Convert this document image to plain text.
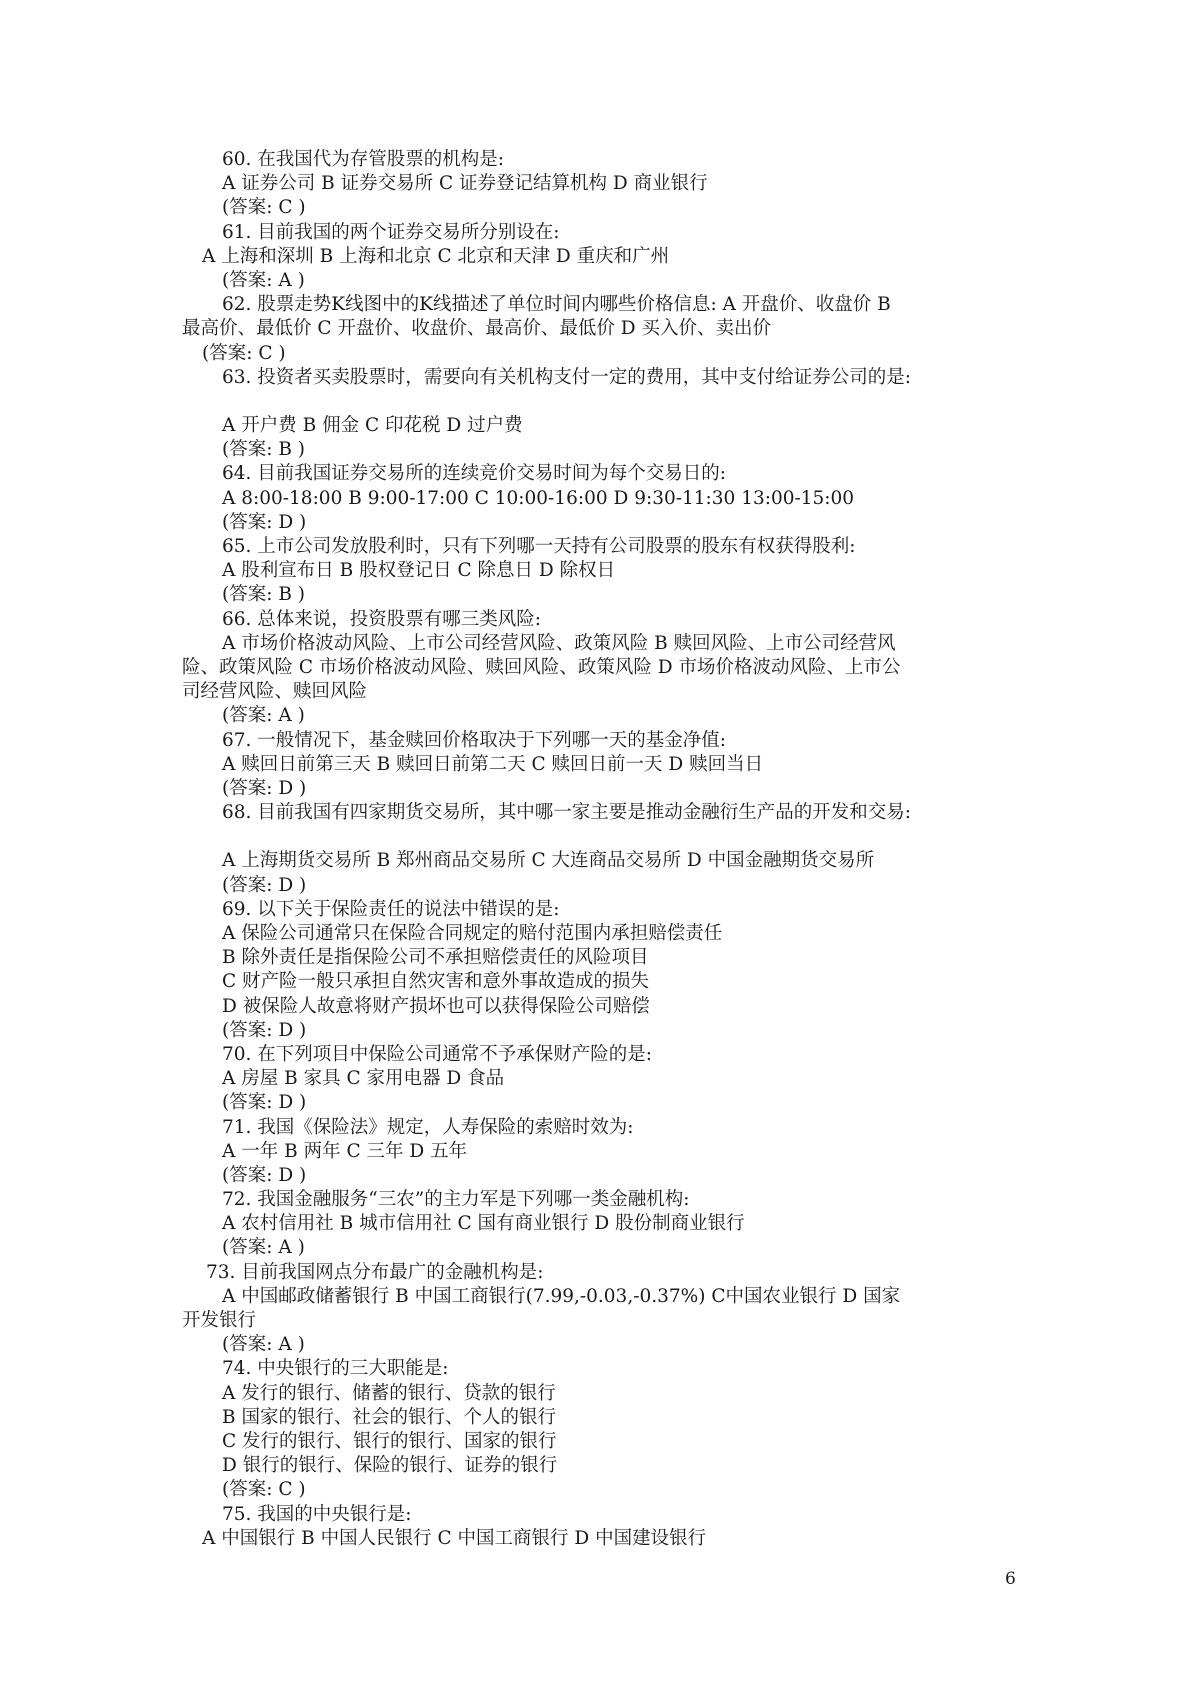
60. 在我国代为存管股票的机构是:
A 证券公司 B 证券交易所 C 证券登记结算机构 D 商业银行
(答案: C )
61. 目前我国的两个证券交易所分别设在:
A 上海和深圳 B 上海和北京 C 北京和天津 D 重庆和广州
(答案: A )
62. 股票走势K线图中的K线描述了单位时间内哪些价格信息: A 开盘价、收盘价 B
最高价、最低价 C 开盘价、收盘价、最高价、最低价 D 买入价、卖出价
(答案: C )
63. 投资者买卖股票时，需要向有关机构支付一定的费用，其中支付给证券公司的是:
A 开户费 B 佣金 C 印花税 D 过户费
(答案: B )
64. 目前我国证券交易所的连续竞价交易时间为每个交易日的:
A 8:00-18:00 B 9:00-17:00 C 10:00-16:00 D 9:30-11:30 13:00-15:00
(答案: D )
65. 上市公司发放股利时，只有下列哪一天持有公司股票的股东有权获得股利:
A 股利宣布日 B 股权登记日 C 除息日 D 除权日
(答案: B )
66. 总体来说，投资股票有哪三类风险:
A 市场价格波动风险、上市公司经营风险、政策风险 B 赎回风险、上市公司经营风
险、政策风险 C 市场价格波动风险、赎回风险、政策风险 D 市场价格波动风险、上市公
司经营风险、赎回风险
(答案: A )
67. 一般情况下，基金赎回价格取决于下列哪一天的基金净值:
A 赎回日前第三天 B 赎回日前第二天 C 赎回日前一天 D 赎回当日
(答案: D )
68. 目前我国有四家期货交易所，其中哪一家主要是推动金融衍生产品的开发和交易:
A 上海期货交易所 B 郑州商品交易所 C 大连商品交易所 D 中国金融期货交易所
(答案: D )
69. 以下关于保险责任的说法中错误的是:
A 保险公司通常只在保险合同规定的赔付范围内承担赔偿责任
B 除外责任是指保险公司不承担赔偿责任的风险项目
C 财产险一般只承担自然灾害和意外事故造成的损失
D 被保险人故意将财产损坏也可以获得保险公司赔偿
(答案: D )
70. 在下列项目中保险公司通常不予承保财产险的是:
A 房屋 B 家具 C 家用电器 D 食品
(答案: D )
71. 我国《保险法》规定，人寿保险的索赔时效为:
A 一年 B 两年 C 三年 D 五年
(答案: D )
72. 我国金融服务“三农”的主力军是下列哪一类金融机构:
A 农村信用社 B 城市信用社 C 国有商业银行 D 股份制商业银行
(答案: A )
73. 目前我国网点分布最广的金融机构是:
A 中国邮政储蓄银行 B 中国工商银行(7.99,-0.03,-0.37%) C中国农业银行 D 国家
开发银行
(答案: A )
74. 中央银行的三大职能是:
A 发行的银行、储蓄的银行、贷款的银行
B 国家的银行、社会的银行、个人的银行
C 发行的银行、银行的银行、国家的银行
D 银行的银行、保险的银行、证券的银行
(答案: C )
75. 我国的中央银行是:
A 中国银行 B 中国人民银行 C 中国工商银行 D 中国建设银行
6
